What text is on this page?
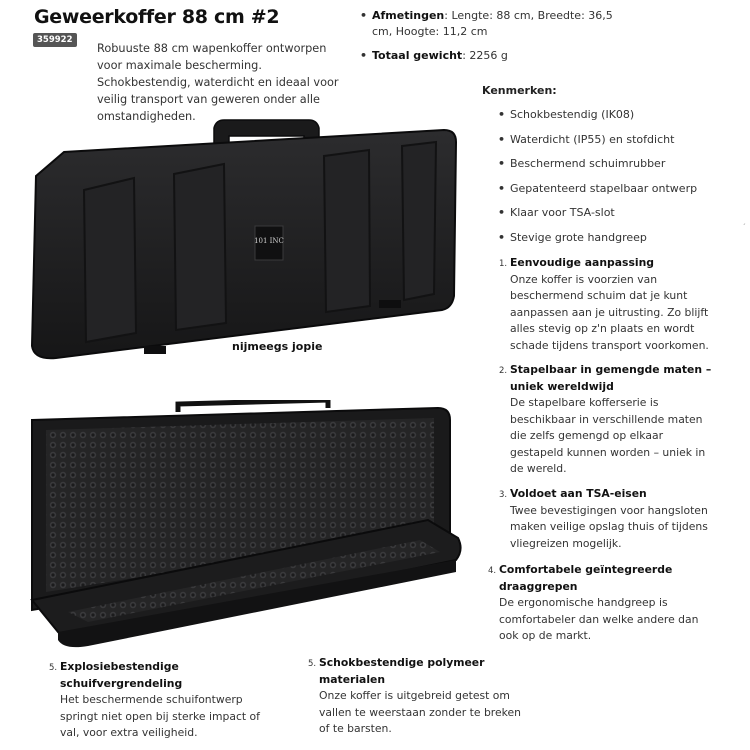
Geweerkoffer 88 cm #2
359922
Robuuste 88 cm wapenkoffer ontworpen voor maximale bescherming. Schokbestendig, waterdicht en ideaal voor veilig transport van geweren onder alle omstandigheden.
• Afmetingen: Lengte: 88 cm, Breedte: 36,5 cm, Hoogte: 11,2 cm
• Totaal gewicht: 2256 g
Kenmerken:
• Schokbestendig (IK08)
• Waterdicht (IP55) en stofdicht
• Beschermend schuimrubber
• Gepatenteerd stapelbaar ontwerp
• Klaar voor TSA-slot
• Stevige grote handgreep
1. Eenvoudige aanpassing
Onze koffer is voorzien van beschermend schuim dat je kunt aanpassen aan je uitrusting. Zo blijft alles stevig op z'n plaats en wordt schade tijdens transport voorkomen.
2. Stapelbaar in gemengde maten – uniek wereldwijd
De stapelbare kofferserie is beschikbaar in verschillende maten die zelfs gemengd op elkaar gestapeld kunnen worden – uniek in de wereld.
3. Voldoet aan TSA-eisen
Twee bevestigingen voor hangsloten maken veilige opslag thuis of tijdens vliegreizen mogelijk.
4. Comfortabele geïntegreerde draaggrepen
De ergonomische handgreep is comfortabeler dan welke andere dan ook op de markt.
5. Explosiebestendige schuifvergrendeling
Het beschermende schuifontwerp springt niet open bij sterke impact of val, voor extra veiligheid.
5. Schokbestendige polymeer materialen
Onze koffer is uitgebreid getest om vallen te weerstaan zonder te breken of te barsten.
101 INC
nijmeegs jopie
´
